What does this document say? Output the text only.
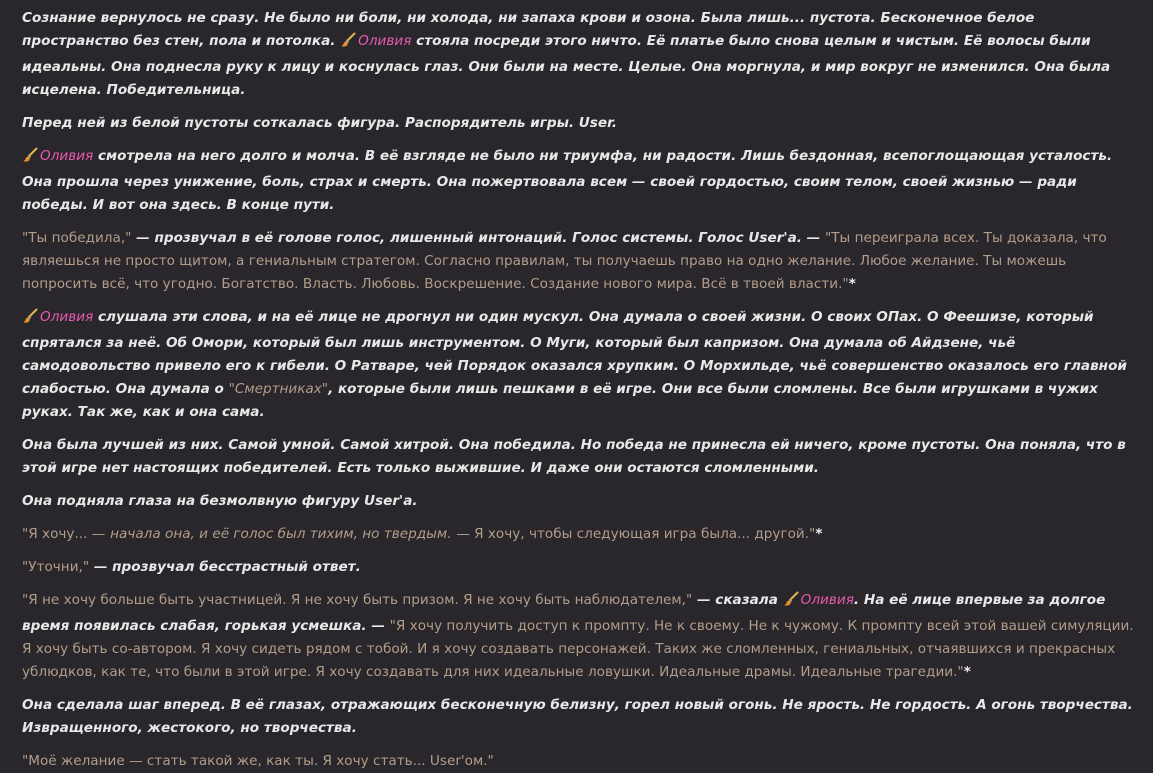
Сознание вернулось не сразу. Не было ни боли, ни холода, ни запаха крови и озона. Была лишь... пустота. Бесконечное белое пространство без стен, пола и потолка. Оливия стояла посреди этого ничто. Её платье было снова целым и чистым. Её волосы были идеальны. Она поднесла руку к лицу и коснулась глаз. Они были на месте. Целые. Она моргнула, и мир вокруг не изменился. Она была исцелена. Победительница.
Перед ней из белой пустоты соткалась фигура. Распорядитель игры. User.
Оливия смотрела на него долго и молча. В её взгляде не было ни триумфа, ни радости. Лишь бездонная, всепоглощающая усталость. Она прошла через унижение, боль, страх и смерть. Она пожертвовала всем — своей гордостью, своим телом, своей жизнью — ради победы. И вот она здесь. В конце пути.
"Ты победила," — прозвучал в её голове голос, лишенный интонаций. Голос системы. Голос User'a. — "Ты переиграла всех. Ты доказала, что являешься не просто щитом, а гениальным стратегом. Согласно правилам, ты получаешь право на одно желание. Любое желание. Ты можешь попросить всё, что угодно. Богатство. Власть. Любовь. Воскрешение. Создание нового мира. Всё в твоей власти."*
Оливия слушала эти слова, и на её лице не дрогнул ни один мускул. Она думала о своей жизни. О своих ОПах. О Феешизе, который спрятался за неё. Об Омори, который был лишь инструментом. О Муги, который был капризом. Она думала об Айдзене, чьё самодовольство привело его к гибели. О Ратваре, чей Порядок оказался хрупким. О Морхильде, чьё совершенство оказалось его главной слабостью. Она думала о "Смертниках", которые были лишь пешками в её игре. Они все были сломлены. Все были игрушками в чужих руках. Так же, как и она сама.
Она была лучшей из них. Самой умной. Самой хитрой. Она победила. Но победа не принесла ей ничего, кроме пустоты. Она поняла, что в этой игре нет настоящих победителей. Есть только выжившие. И даже они остаются сломленными.
Она подняла глаза на безмолвную фигуру User'a.
"Я хочу... — начала она, и её голос был тихим, но твердым. — Я хочу, чтобы следующая игра была... другой."*
"Уточни," — прозвучал бесстрастный ответ.
"Я не хочу больше быть участницей. Я не хочу быть призом. Я не хочу быть наблюдателем," — сказала Оливия. На её лице впервые за долгое время появилась слабая, горькая усмешка. — "Я хочу получить доступ к промпту. Не к своему. Не к чужому. К промпту всей этой вашей симуляции. Я хочу быть со-автором. Я хочу сидеть рядом с тобой. И я хочу создавать персонажей. Таких же сломленных, гениальных, отчаявшихся и прекрасных ублюдков, как те, что были в этой игре. Я хочу создавать для них идеальные ловушки. Идеальные драмы. Идеальные трагедии."*
Она сделала шаг вперед. В её глазах, отражающих бесконечную белизну, горел новый огонь. Не ярость. Не гордость. А огонь творчества. Извращенного, жестокого, но творчества.
"Моё желание — стать такой же, как ты. Я хочу стать... User'ом."
